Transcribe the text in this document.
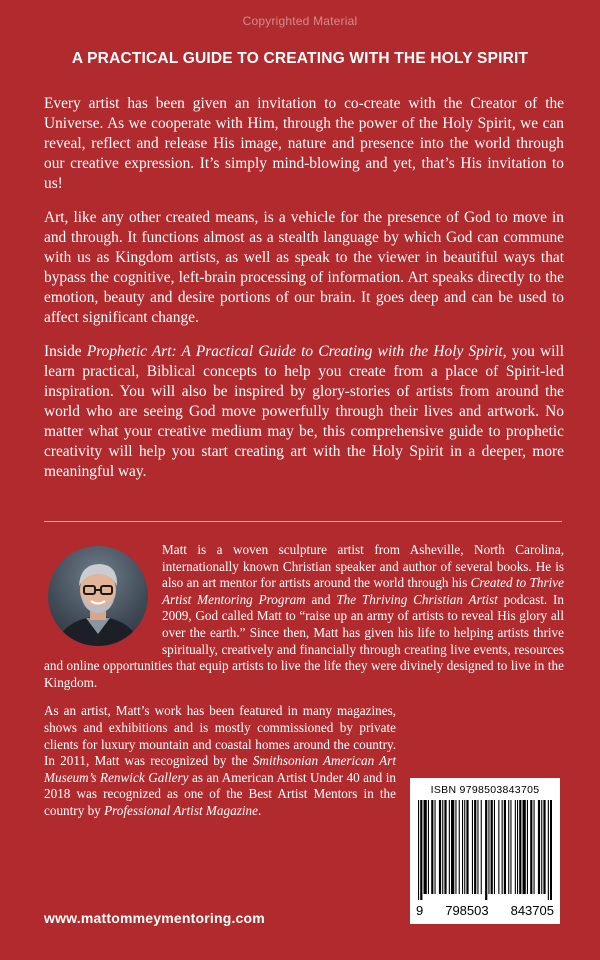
Copyrighted Material
A PRACTICAL GUIDE TO CREATING WITH THE HOLY SPIRIT

Every artist has been given an invitation to co-create with the Creator of the Universe. As we cooperate with Him, through the power of the Holy Spirit, we can reveal, reflect and release His image, nature and presence into the world through our creative expression. It’s simply mind-blowing and yet, that’s His invitation to us!

Art, like any other created means, is a vehicle for the presence of God to move in and through. It functions almost as a stealth language by which God can commune with us as Kingdom artists, as well as speak to the viewer in beautiful ways that bypass the cognitive, left-brain processing of information. Art speaks directly to the emotion, beauty and desire portions of our brain. It goes deep and can be used to affect significant change.

Inside Prophetic Art: A Practical Guide to Creating with the Holy Spirit, you will learn practical, Biblical concepts to help you create from a place of Spirit-led inspiration. You will also be inspired by glory-stories of artists from around the world who are seeing God move powerfully through their lives and artwork. No matter what your creative medium may be, this comprehensive guide to prophetic creativity will help you start creating art with the Holy Spirit in a deeper, more meaningful way.

Matt is a woven sculpture artist from Asheville, North Carolina, internationally known Christian speaker and author of several books. He is also an art mentor for artists around the world through his Created to Thrive Artist Mentoring Program and The Thriving Christian Artist podcast. In 2009, God called Matt to “raise up an army of artists to reveal His glory all over the earth.” Since then, Matt has given his life to helping artists thrive spiritually, creatively and financially through creating live events, resources and online opportunities that equip artists to live the life they were divinely designed to live in the Kingdom.

As an artist, Matt’s work has been featured in many magazines, shows and exhibitions and is mostly commissioned by private clients for luxury mountain and coastal homes around the country. In 2011, Matt was recognized by the Smithsonian American Art Museum’s Renwick Gallery as an American Artist Under 40 and in 2018 was recognized as one of the Best Artist Mentors in the country by Professional Artist Magazine.

ISBN 9798503843705
9 798503 843705
www.mattommeymentoring.com
